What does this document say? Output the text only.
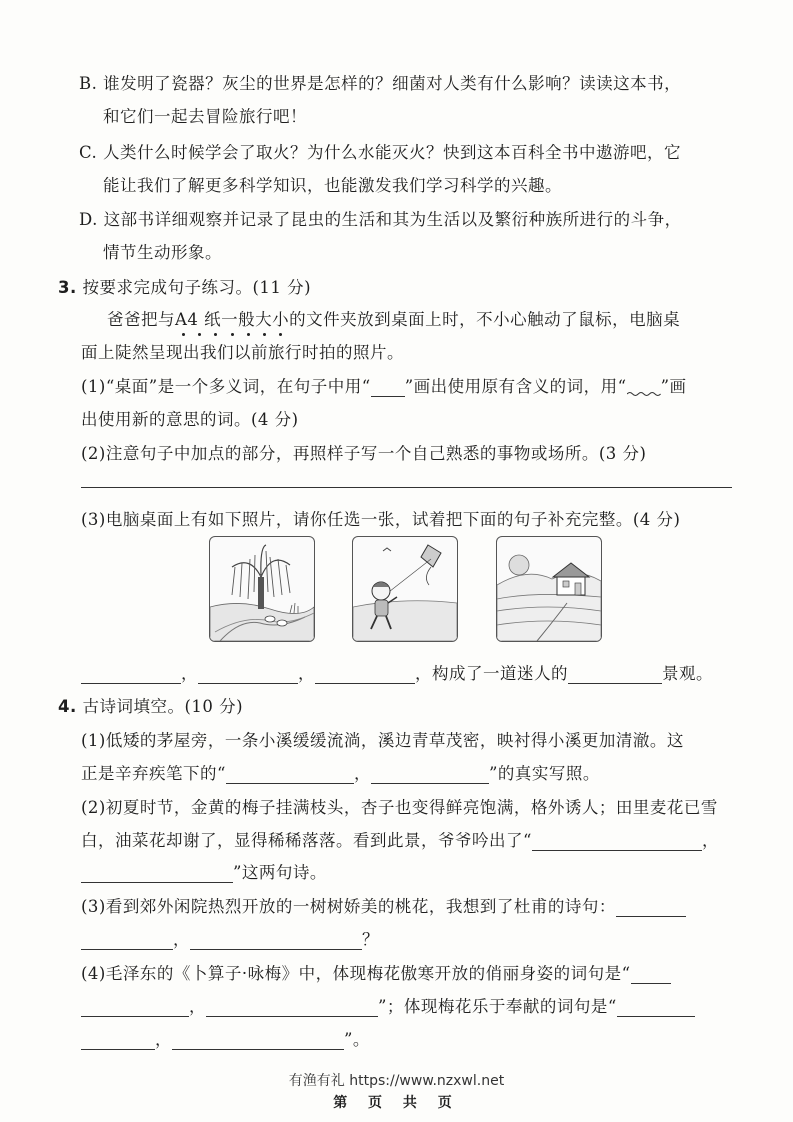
B. 谁发明了瓷器？灰尘的世界是怎样的？细菌对人类有什么影响？读读这本书，
和它们一起去冒险旅行吧！
C. 人类什么时候学会了取火？为什么水能灭火？快到这本百科全书中遨游吧，它
能让我们了解更多科学知识，也能激发我们学习科学的兴趣。
D. 这部书详细观察并记录了昆虫的生活和其为生活以及繁衍种族所进行的斗争，
情节生动形象。
3. 按要求完成句子练习。(11 分)
爸爸把与A4 纸一般大小
的文件夹放到桌面上时，不小心触动了鼠标，电脑桌
面上陡然呈现出我们以前旅行时拍的照片。
(1)“桌面”是一个多义词，在句子中用“ ”画出使用原有含义的词，用“ ”画
出使用新的意思的词。(4 分)
(2)注意句子中加点的部分，再照样子写一个自己熟悉的事物或场所。(3 分)
(3)电脑桌面上有如下照片，请你任选一张，试着把下面的句子补充完整。(4 分)
，	，	，构成了一道迷人的	景观。
4. 古诗词填空。(10 分)
(1)低矮的茅屋旁，一条小溪缓缓流淌，溪边青草茂密，映衬得小溪更加清澈。这
正是辛弃疾笔下的“	，	”的真实写照。
(2)初夏时节，金黄的梅子挂满枝头，杏子也变得鲜亮饱满，格外诱人；田里麦花已雪
白，油菜花却谢了，显得稀稀落落。看到此景，爷爷吟出了“	，
”这两句诗。
(3)看到郊外闲院热烈开放的一树树娇美的桃花，我想到了杜甫的诗句：
，	？
(4)毛泽东的《卜算子·咏梅》中，体现梅花傲寒开放的俏丽身姿的词句是“
，	”；体现梅花乐于奉献的词句是“
，	”。
有渔有礼 https://www.nzxwl.net
第 页 共 页
